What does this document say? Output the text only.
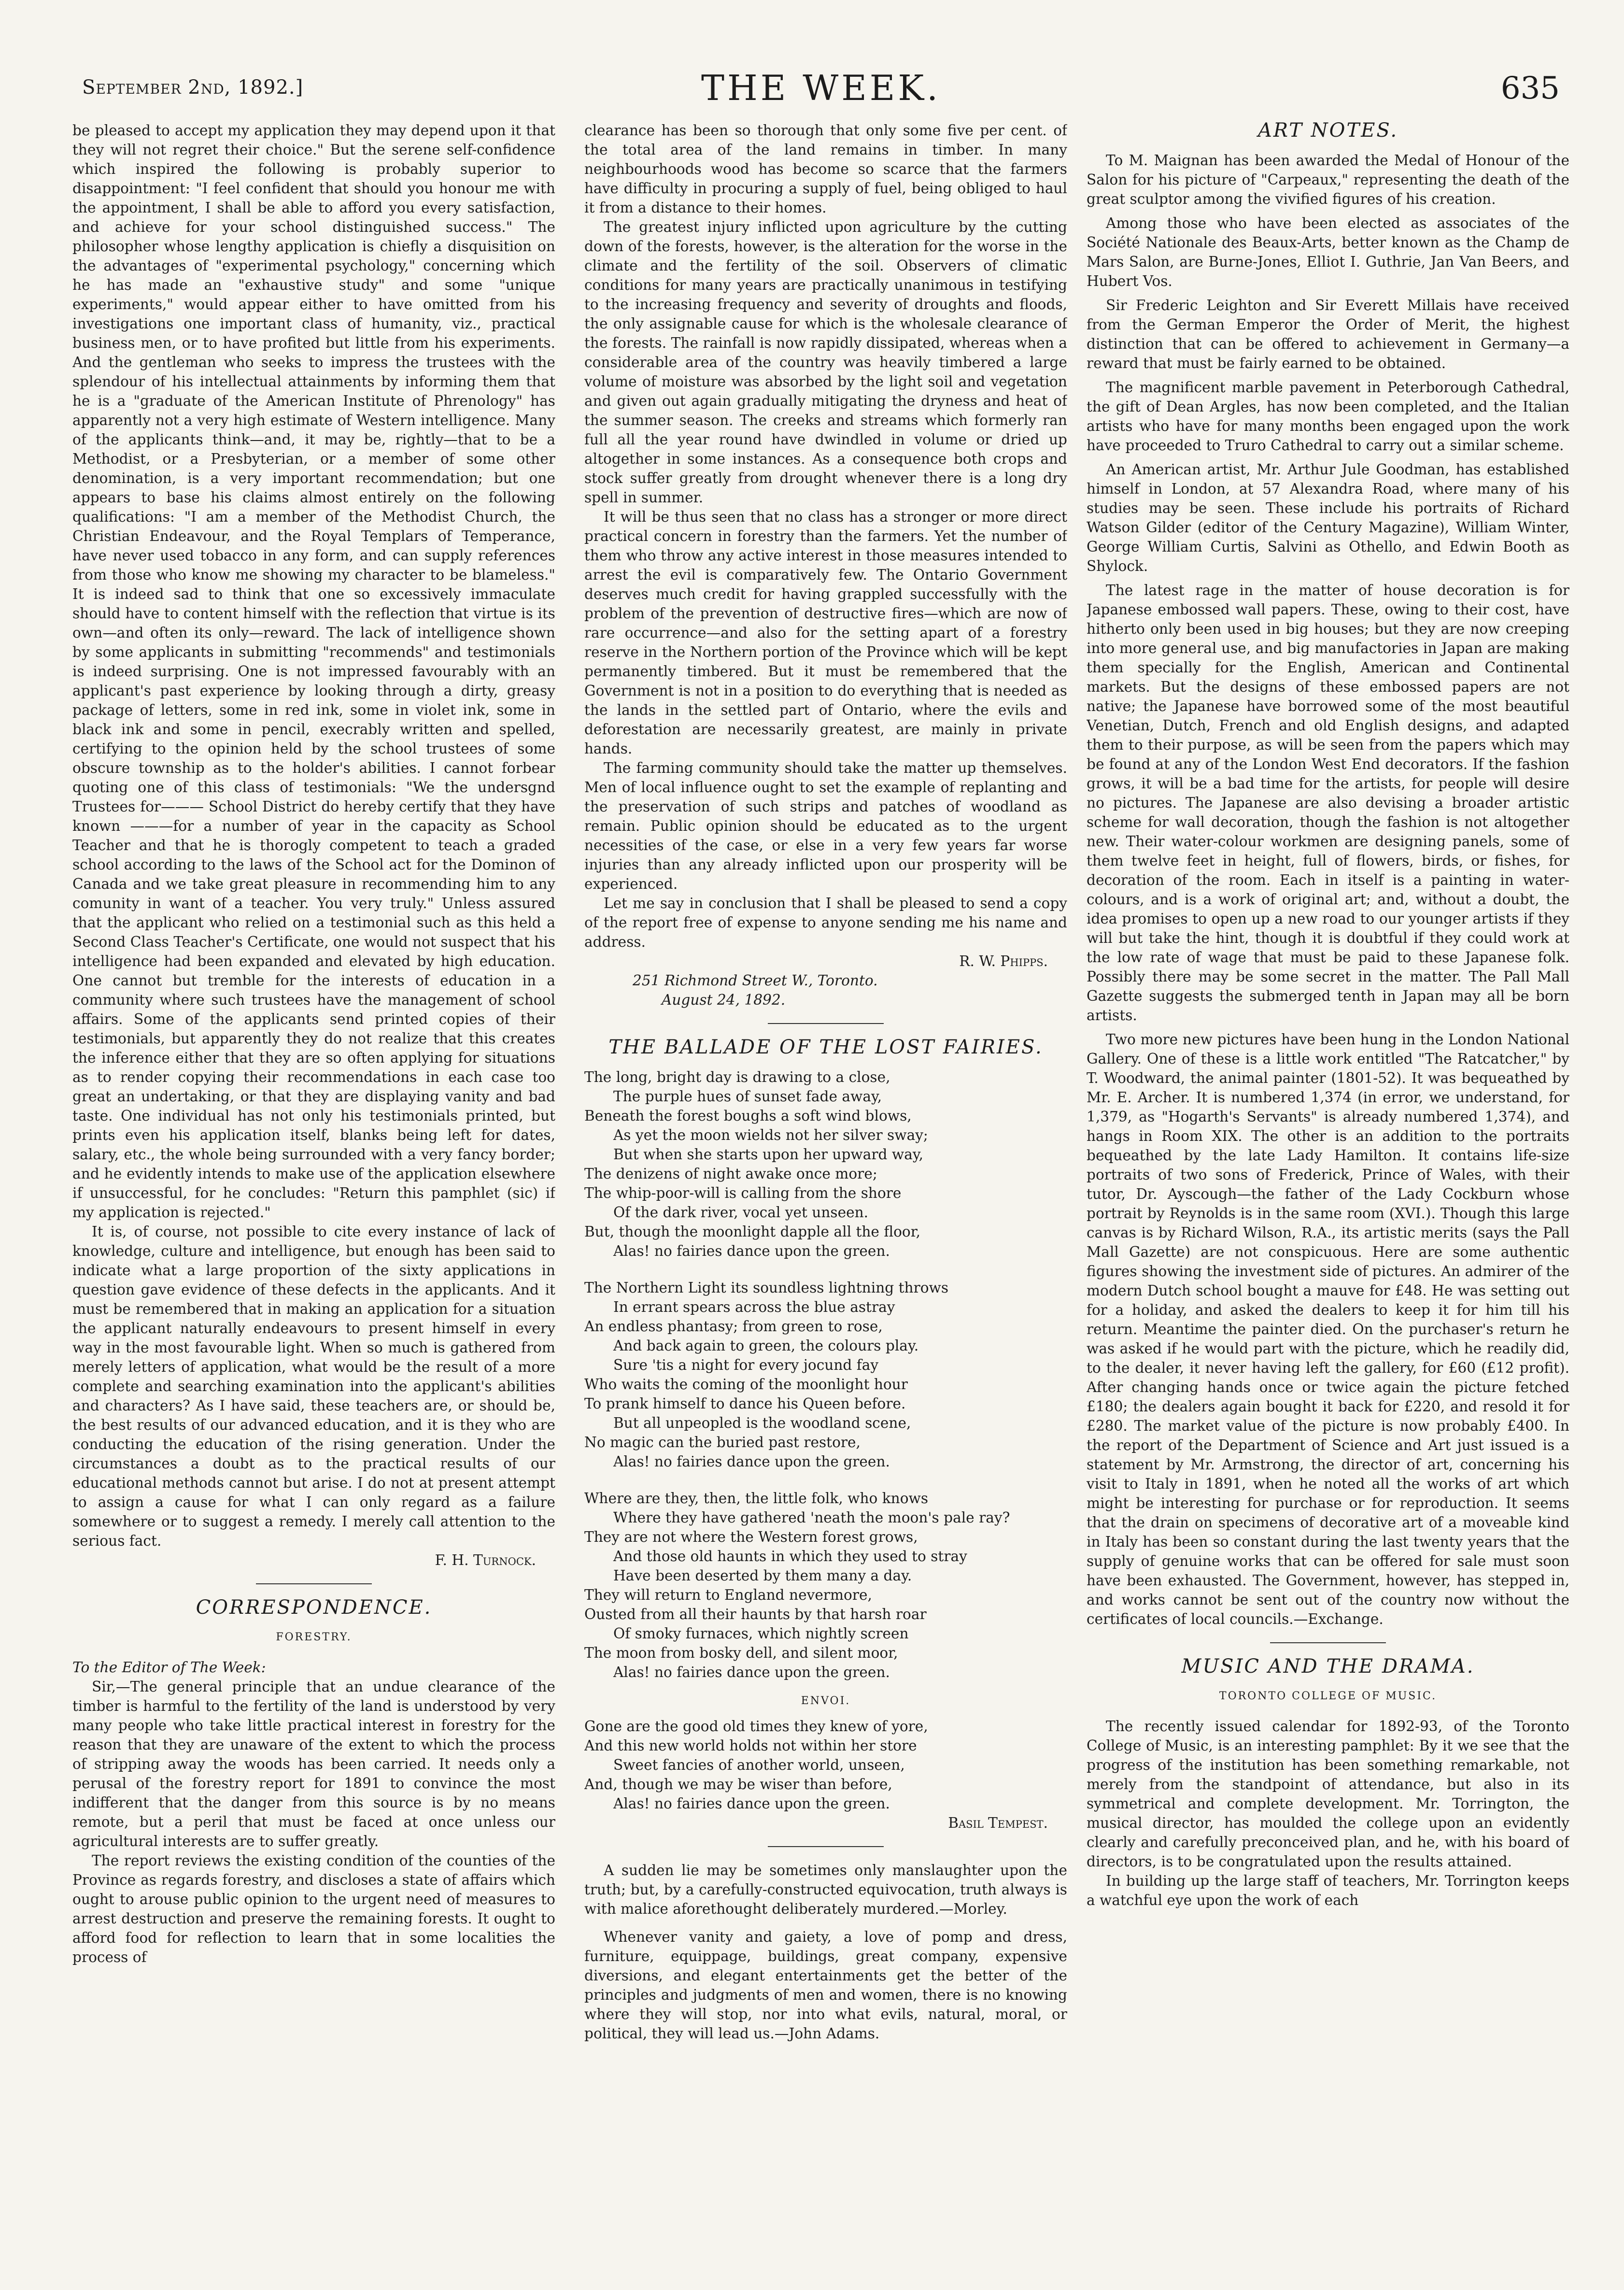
September 2nd, 1892.]	THE WEEK.	635

be pleased to accept my application they may depend upon it that they will not regret their choice." But the serene self-confidence which inspired the following is probably superior to disappointment: "I feel confident that should you honour me with the appointment, I shall be able to afford you every satisfaction, and achieve for your school distinguished success." The philosopher whose lengthy application is chiefly a disquisition on the advantages of "experimental psychology," concerning which he has made an "exhaustive study" and some "unique experiments," would appear either to have omitted from his investigations one important class of humanity, viz., practical business men, or to have profited but little from his experiments. And the gentleman who seeks to impress the trustees with the splendour of his intellectual attainments by informing them that he is a "graduate of the American Institute of Phrenology" has apparently not a very high estimate of Western intelligence. Many of the applicants think—and, it may be, rightly—that to be a Methodist, or a Presbyterian, or a member of some other denomination, is a very important recommendation; but one appears to base his claims almost entirely on the following qualifications: "I am a member of the Methodist Church, the Christian Endeavour, and the Royal Templars of Temperance, have never used tobacco in any form, and can supply references from those who know me showing my character to be blameless." It is indeed sad to think that one so excessively immaculate should have to content himself with the reflection that virtue is its own—and often its only—reward. The lack of intelligence shown by some applicants in submitting "recommends" and testimonials is indeed surprising. One is not impressed favourably with an applicant's past experience by looking through a dirty, greasy package of letters, some in red ink, some in violet ink, some in black ink and some in pencil, execrably written and spelled, certifying to the opinion held by the school trustees of some obscure township as to the holder's abilities. I cannot forbear quoting one of this class of testimonials: "We the undersgnd Trustees for——— School District do hereby certify that they have known ———for a number of year in the capacity as School Teacher and that he is thorogly competent to teach a graded school according to the laws of the School act for the Dominon of Canada and we take great pleasure in recommending him to any comunity in want of a teacher. You very truly." Unless assured that the applicant who relied on a testimonial such as this held a Second Class Teacher's Certificate, one would not suspect that his intelligence had been expanded and elevated by high education. One cannot but tremble for the interests of education in a community where such trustees have the management of school affairs. Some of the applicants send printed copies of their testimonials, but apparently they do not realize that this creates the inference either that they are so often applying for situations as to render copying their recommendations in each case too great an undertaking, or that they are displaying vanity and bad taste. One individual has not only his testimonials printed, but prints even his application itself, blanks being left for dates, salary, etc., the whole being surrounded with a very fancy border; and he evidently intends to make use of the application elsewhere if unsuccessful, for he concludes: "Return this pamphlet (sic) if my application is rejected."

It is, of course, not possible to cite every instance of lack of knowledge, culture and intelligence, but enough has been said to indicate what a large proportion of the sixty applications in question gave evidence of these defects in the applicants. And it must be remembered that in making an application for a situation the applicant naturally endeavours to present himself in every way in the most favourable light. When so much is gathered from merely letters of application, what would be the result of a more complete and searching examination into the applicant's abilities and characters? As I have said, these teachers are, or should be, the best results of our advanced education, and it is they who are conducting the education of the rising generation. Under the circumstances a doubt as to the practical results of our educational methods cannot but arise. I do not at present attempt to assign a cause for what I can only regard as a failure somewhere or to suggest a remedy. I merely call attention to the serious fact.

F. H. Turnock.
CORRESPONDENCE.
FORESTRY.

To the Editor of The Week:

Sir,—The general principle that an undue clearance of the timber is harmful to the fertility of the land is understood by very many people who take little practical interest in forestry for the reason that they are unaware of the extent to which the process of stripping away the woods has been carried. It needs only a perusal of the forestry report for 1891 to convince the most indifferent that the danger from this source is by no means remote, but a peril that must be faced at once unless our agricultural interests are to suffer greatly.

The report reviews the existing condition of the counties of the Province as regards forestry, and discloses a state of affairs which ought to arouse public opinion to the urgent need of measures to arrest destruction and preserve the remaining forests. It ought to afford food for reflection to learn that in some localities the process of

clearance has been so thorough that only some five per cent. of the total area of the land remains in timber. In many neighbourhoods wood has become so scarce that the farmers have difficulty in procuring a supply of fuel, being obliged to haul it from a distance to their homes.

The greatest injury inflicted upon agriculture by the cutting down of the forests, however, is the alteration for the worse in the climate and the fertility of the soil. Observers of climatic conditions for many years are practically unanimous in testifying to the increasing frequency and severity of droughts and floods, the only assignable cause for which is the wholesale clearance of the forests. The rainfall is now rapidly dissipated, whereas when a considerable area of the country was heavily timbered a large volume of moisture was absorbed by the light soil and vegetation and given out again gradually mitigating the dryness and heat of the summer season. The creeks and streams which formerly ran full all the year round have dwindled in volume or dried up altogether in some instances. As a consequence both crops and stock suffer greatly from drought whenever there is a long dry spell in summer.

It will be thus seen that no class has a stronger or more direct practical concern in forestry than the farmers. Yet the number of them who throw any active interest in those measures intended to arrest the evil is comparatively few. The Ontario Government deserves much credit for having grappled successfully with the problem of the prevention of destructive fires—which are now of rare occurrence—and also for the setting apart of a forestry reserve in the Northern portion of the Province which will be kept permanently timbered. But it must be remembered that the Government is not in a position to do everything that is needed as the lands in the settled part of Ontario, where the evils and deforestation are necessarily greatest, are mainly in private hands.

The farming community should take the matter up themselves. Men of local influence ought to set the example of replanting and the preservation of such strips and patches of woodland as remain. Public opinion should be educated as to the urgent necessities of the case, or else in a very few years far worse injuries than any already inflicted upon our prosperity will be experienced.

Let me say in conclusion that I shall be pleased to send a copy of the report free of expense to anyone sending me his name and address.

R. W. Phipps.
251 Richmond Street W., Toronto.
August 24, 1892.
THE BALLADE OF THE LOST FAIRIES.
The long, bright day is drawing to a close,
The purple hues of sunset fade away,
Beneath the forest boughs a soft wind blows,
As yet the moon wields not her silver sway;
But when she starts upon her upward way,
The denizens of night awake once more;
The whip-poor-will is calling from the shore
Of the dark river, vocal yet unseen.
But, though the moonlight dapple all the floor,
Alas! no fairies dance upon the green.
The Northern Light its soundless lightning throws
In errant spears across the blue astray
An endless phantasy; from green to rose,
And back again to green, the colours play.
Sure 'tis a night for every jocund fay
Who waits the coming of the moonlight hour
To prank himself to dance his Queen before.
But all unpeopled is the woodland scene,
No magic can the buried past restore,
Alas! no fairies dance upon the green.
Where are they, then, the little folk, who knows
Where they have gathered 'neath the moon's pale ray?
They are not where the Western forest grows,
And those old haunts in which they used to stray
Have been deserted by them many a day.
They will return to England nevermore,
Ousted from all their haunts by that harsh roar
Of smoky furnaces, which nightly screen
The moon from bosky dell, and silent moor,
Alas! no fairies dance upon the green.
ENVOI.
Gone are the good old times they knew of yore,
And this new world holds not within her store
Sweet fancies of another world, unseen,
And, though we may be wiser than before,
Alas! no fairies dance upon the green.
Basil Tempest.

A sudden lie may be sometimes only manslaughter upon the truth; but, by a carefully-constructed equivocation, truth always is with malice aforethought deliberately murdered.—Morley.

Whenever vanity and gaiety, a love of pomp and dress, furniture, equippage, buildings, great company, expensive diversions, and elegant entertainments get the better of the principles and judgments of men and women, there is no knowing where they will stop, nor into what evils, natural, moral, or political, they will lead us.—John Adams.

ART NOTES.

To M. Maignan has been awarded the Medal of Honour of the Salon for his picture of "Carpeaux," representing the death of the great sculptor among the vivified figures of his creation.

Among those who have been elected as associates of the Société Nationale des Beaux-Arts, better known as the Champ de Mars Salon, are Burne-Jones, Elliot I. Guthrie, Jan Van Beers, and Hubert Vos.

Sir Frederic Leighton and Sir Everett Millais have received from the German Emperor the Order of Merit, the highest distinction that can be offered to achievement in Germany—a reward that must be fairly earned to be obtained.

The magnificent marble pavement in Peterborough Cathedral, the gift of Dean Argles, has now been completed, and the Italian artists who have for many months been engaged upon the work have proceeded to Truro Cathedral to carry out a similar scheme.

An American artist, Mr. Arthur Jule Goodman, has established himself in London, at 57 Alexandra Road, where many of his studies may be seen. These include his portraits of Richard Watson Gilder (editor of the Century Magazine), William Winter, George William Curtis, Salvini as Othello, and Edwin Booth as Shylock.

The latest rage in the matter of house decoration is for Japanese embossed wall papers. These, owing to their cost, have hitherto only been used in big houses; but they are now creeping into more general use, and big manufactories in Japan are making them specially for the English, American and Continental markets. But the designs of these embossed papers are not native; the Japanese have borrowed some of the most beautiful Venetian, Dutch, French and old English designs, and adapted them to their purpose, as will be seen from the papers which may be found at any of the London West End decorators. If the fashion grows, it will be a bad time for the artists, for people will desire no pictures. The Japanese are also devising a broader artistic scheme for wall decoration, though the fashion is not altogether new. Their water-colour workmen are designing panels, some of them twelve feet in height, full of flowers, birds, or fishes, for decoration of the room. Each in itself is a painting in water-colours, and is a work of original art; and, without a doubt, the idea promises to open up a new road to our younger artists if they will but take the hint, though it is doubtful if they could work at the low rate of wage that must be paid to these Japanese folk. Possibly there may be some secret in the matter. The Pall Mall Gazette suggests the submerged tenth in Japan may all be born artists.

Two more new pictures have been hung in the London National Gallery. One of these is a little work entitled "The Ratcatcher," by T. Woodward, the animal painter (1801-52). It was bequeathed by Mr. E. Archer. It is numbered 1,374 (in error, we understand, for 1,379, as "Hogarth's Servants" is already numbered 1,374), and hangs in Room XIX. The other is an addition to the portraits bequeathed by the late Lady Hamilton. It contains life-size portraits of two sons of Frederick, Prince of Wales, with their tutor, Dr. Ayscough—the father of the Lady Cockburn whose portrait by Reynolds is in the same room (XVI.). Though this large canvas is by Richard Wilson, R.A., its artistic merits (says the Pall Mall Gazette) are not conspicuous. Here are some authentic figures showing the investment side of pictures. An admirer of the modern Dutch school bought a mauve for £48. He was setting out for a holiday, and asked the dealers to keep it for him till his return. Meantime the painter died. On the purchaser's return he was asked if he would part with the picture, which he readily did, to the dealer, it never having left the gallery, for £60 (£12 profit). After changing hands once or twice again the picture fetched £180; the dealers again bought it back for £220, and resold it for £280. The market value of the picture is now probably £400. In the report of the Department of Science and Art just issued is a statement by Mr. Armstrong, the director of art, concerning his visit to Italy in 1891, when he noted all the works of art which might be interesting for purchase or for reproduction. It seems that the drain on specimens of decorative art of a moveable kind in Italy has been so constant during the last twenty years that the supply of genuine works that can be offered for sale must soon have been exhausted. The Government, however, has stepped in, and works cannot be sent out of the country now without the certificates of local councils.—Exchange.

MUSIC AND THE DRAMA.
TORONTO COLLEGE OF MUSIC.

The recently issued calendar for 1892-93, of the Toronto College of Music, is an interesting pamphlet: By it we see that the progress of the institution has been something remarkable, not merely from the standpoint of attendance, but also in its symmetrical and complete development. Mr. Torrington, the musical director, has moulded the college upon an evidently clearly and carefully preconceived plan, and he, with his board of directors, is to be congratulated upon the results attained.

In building up the large staff of teachers, Mr. Torrington keeps a watchful eye upon the work of each
